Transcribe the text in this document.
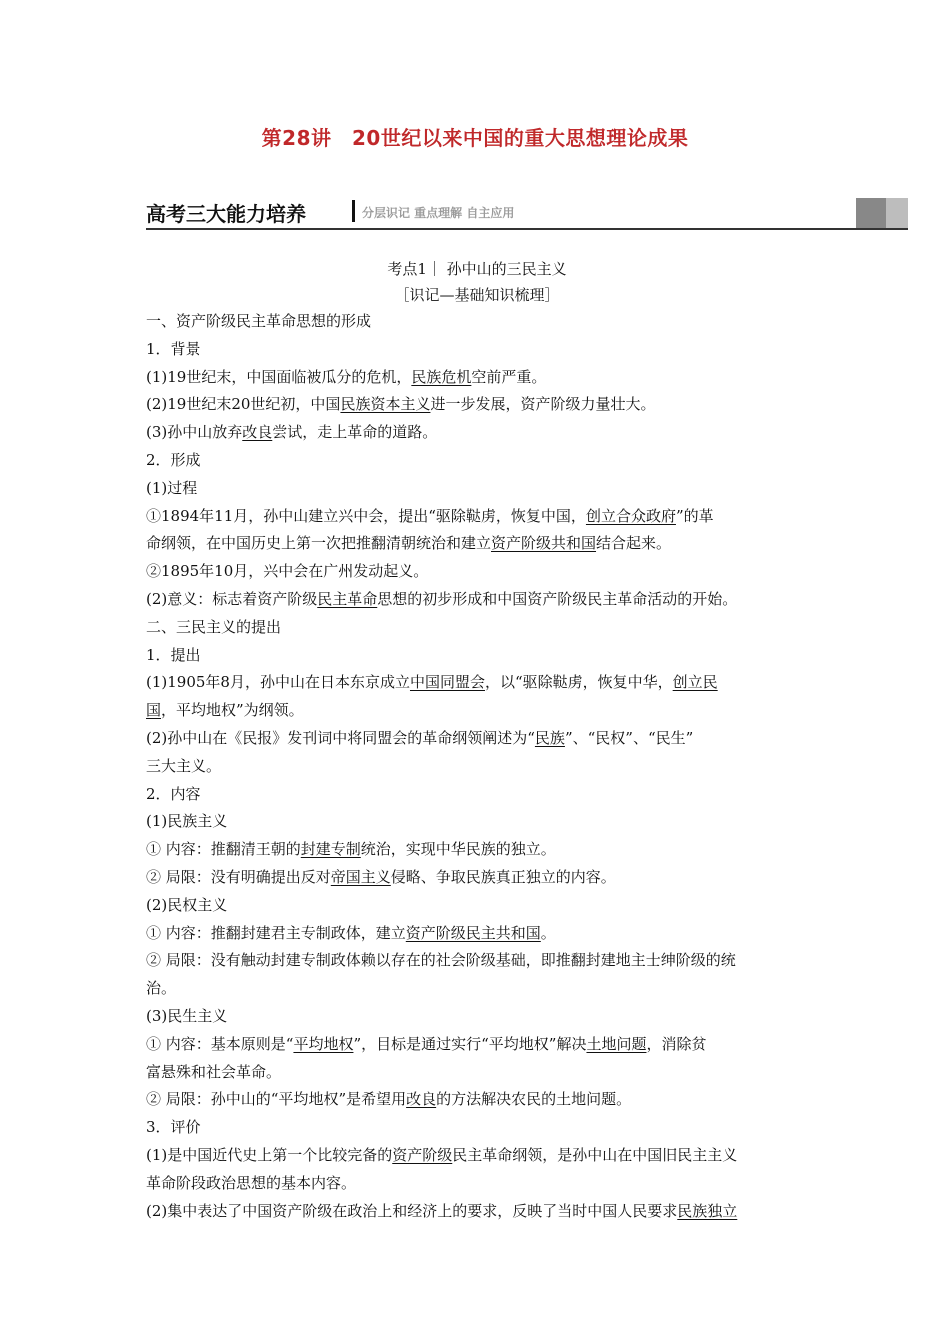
第28讲　20世纪以来中国的重大思想理论成果
高考三大能力培养	分层识记 重点理解 自主应用
考点1｜ 孙中山的三民主义
［识记—基础知识梳理］
一、资产阶级民主革命思想的形成
1．背景
(1)19世纪末，中国面临被瓜分的危机，民族危机空前严重。
(2)19世纪末20世纪初，中国民族资本主义进一步发展，资产阶级力量壮大。
(3)孙中山放弃改良尝试，走上革命的道路。
2．形成
(1)过程
①1894年11月，孙中山建立兴中会，提出“驱除鞑虏，恢复中国，创立合众政府”的革
命纲领，在中国历史上第一次把推翻清朝统治和建立资产阶级共和国结合起来。
②1895年10月，兴中会在广州发动起义。
(2)意义：标志着资产阶级民主革命思想的初步形成和中国资产阶级民主革命活动的开始。
二、三民主义的提出
1．提出
(1)1905年8月，孙中山在日本东京成立中国同盟会，以“驱除鞑虏，恢复中华，创立民
国，平均地权”为纲领。
(2)孙中山在《民报》发刊词中将同盟会的革命纲领阐述为“民族”、“民权”、“民生”
三大主义。
2．内容
(1)民族主义
① 内容：推翻清王朝的封建专制统治，实现中华民族的独立。
② 局限：没有明确提出反对帝国主义侵略、争取民族真正独立的内容。
(2)民权主义
① 内容：推翻封建君主专制政体，建立资产阶级民主共和国。
② 局限：没有触动封建专制政体赖以存在的社会阶级基础，即推翻封建地主士绅阶级的统
治。
(3)民生主义
① 内容：基本原则是“平均地权”，目标是通过实行“平均地权”解决土地问题，消除贫
富悬殊和社会革命。
② 局限：孙中山的“平均地权”是希望用改良的方法解决农民的土地问题。
3．评价
(1)是中国近代史上第一个比较完备的资产阶级民主革命纲领，是孙中山在中国旧民主主义
革命阶段政治思想的基本内容。
(2)集中表达了中国资产阶级在政治上和经济上的要求，反映了当时中国人民要求民族独立
